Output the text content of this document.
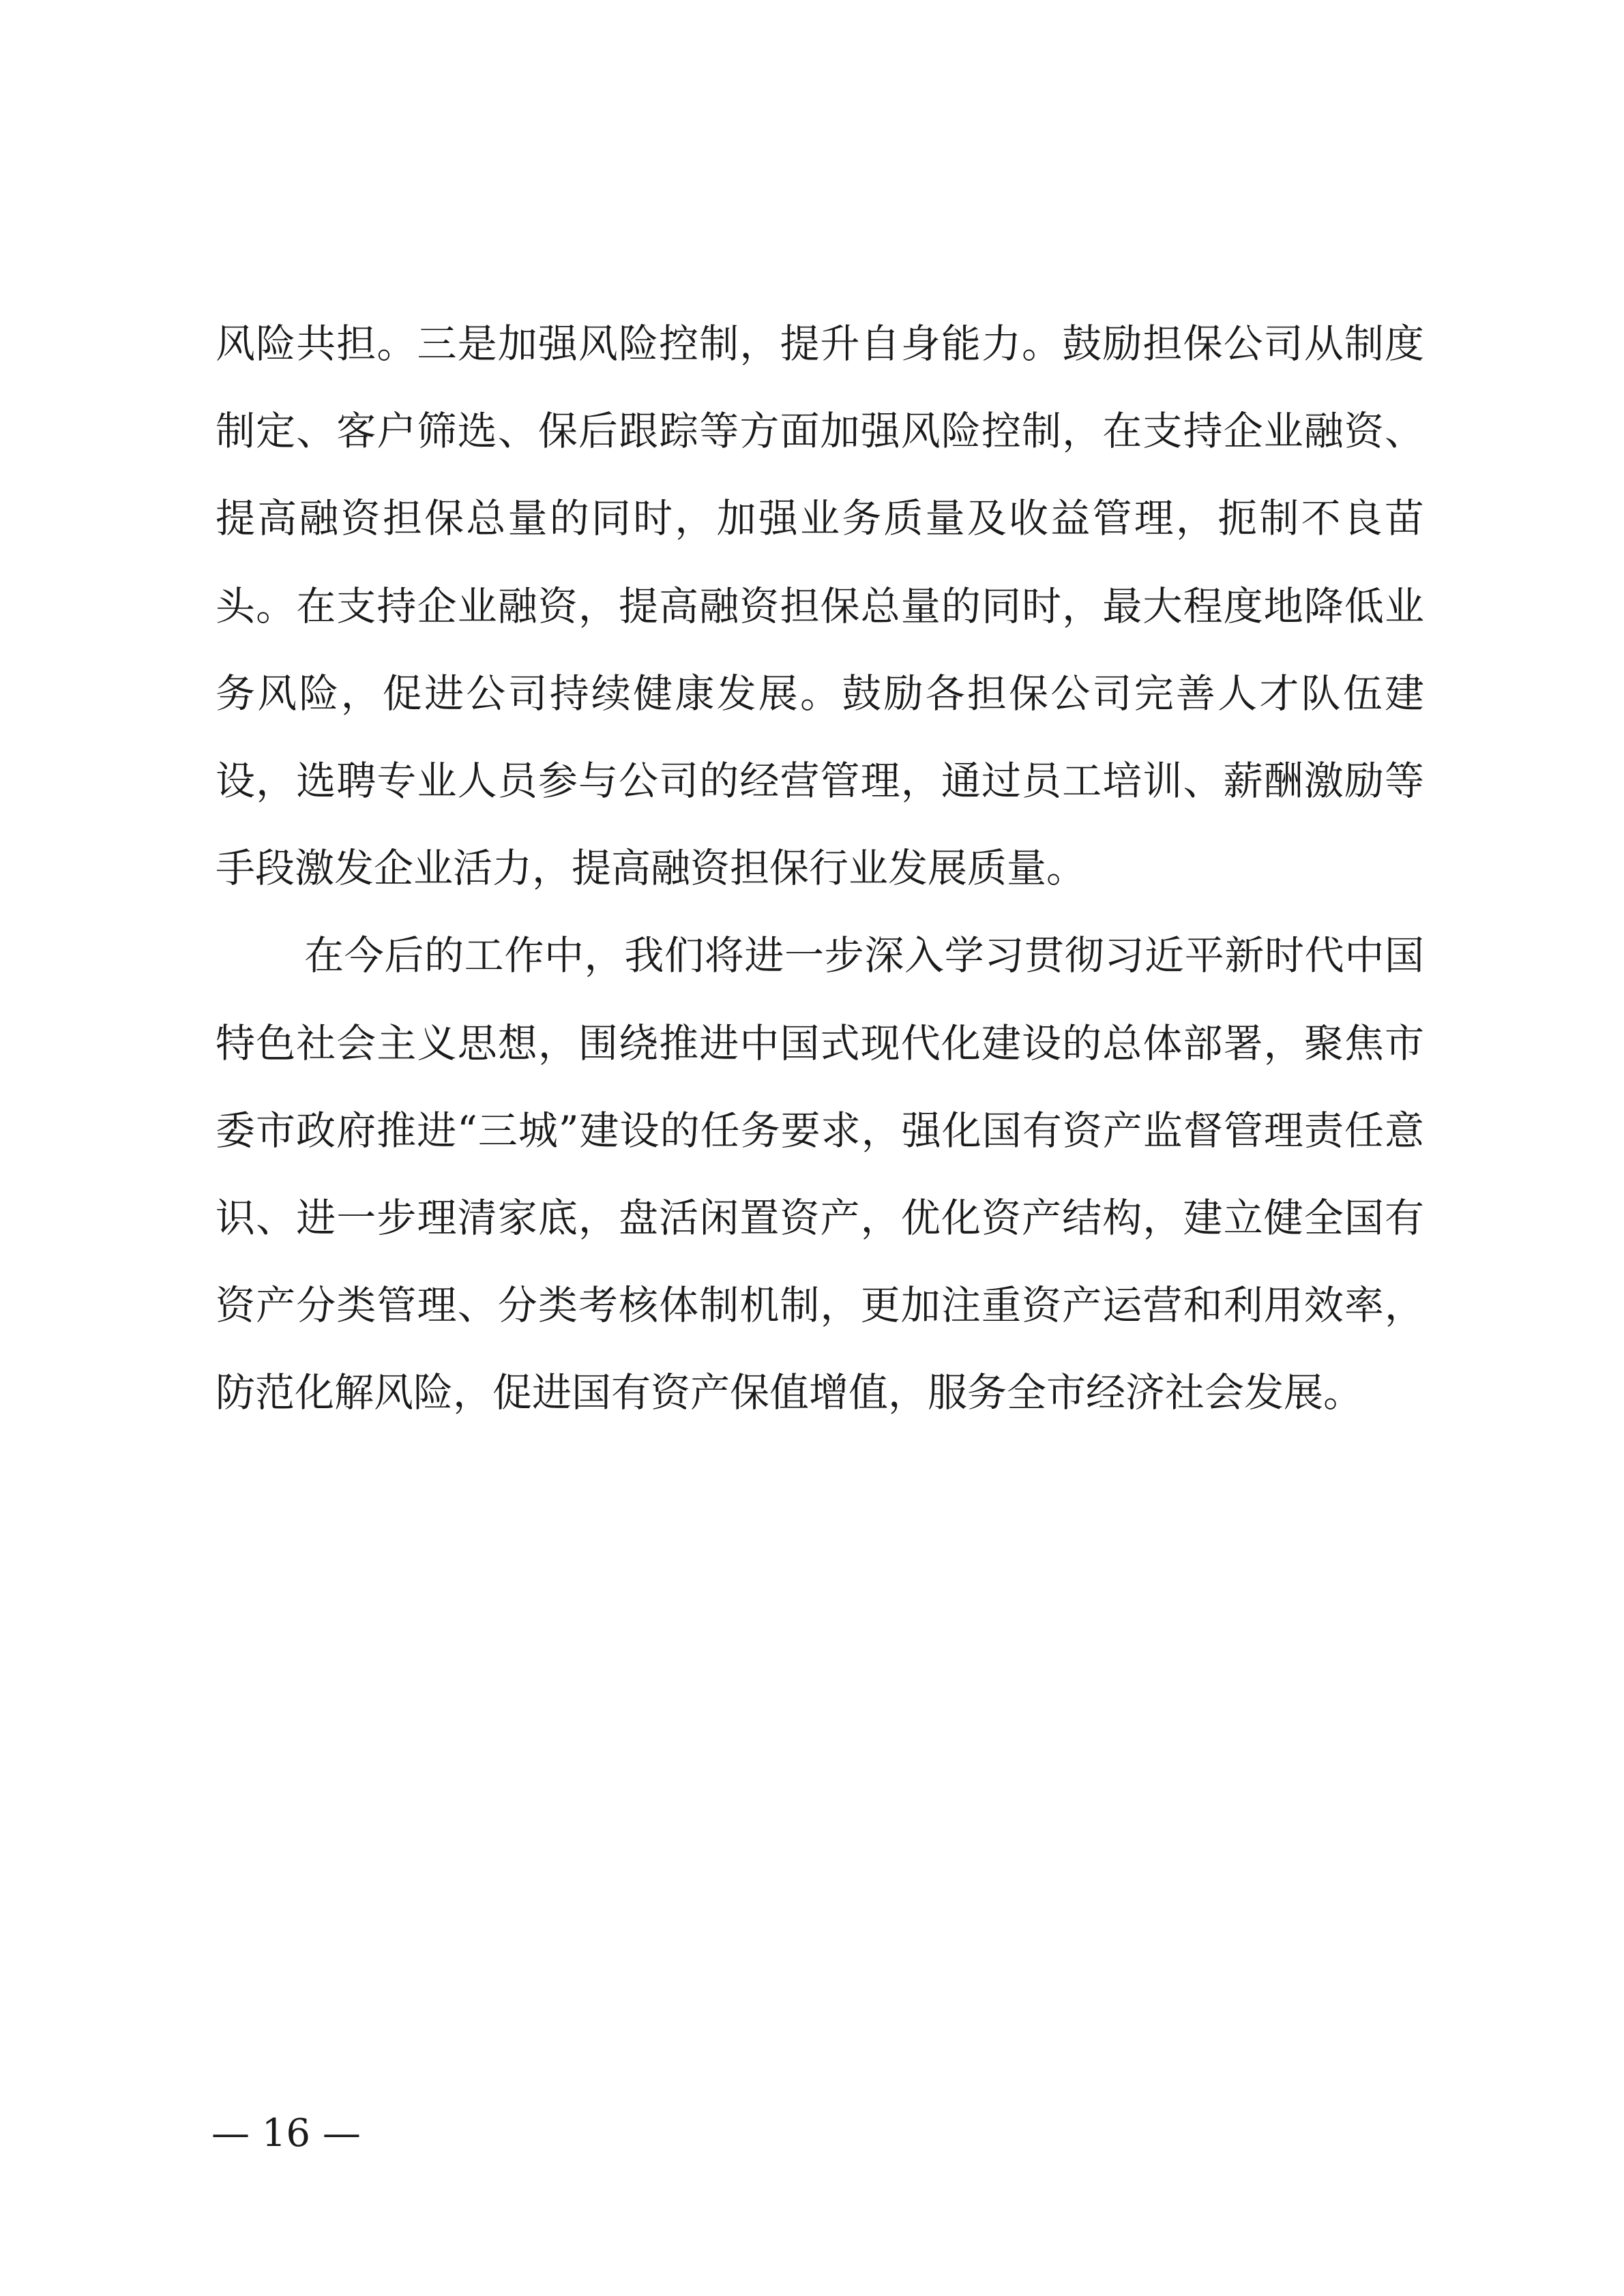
风险共担。三是加强风险控制，提升自身能力。鼓励担保公司从制度制定、客户筛选、保后跟踪等方面加强风险控制，在支持企业融资、提高融资担保总量的同时，加强业务质量及收益管理，扼制不良苗头。在支持企业融资，提高融资担保总量的同时，最大程度地降低业务风险，促进公司持续健康发展。鼓励各担保公司完善人才队伍建设，选聘专业人员参与公司的经营管理，通过员工培训、薪酬激励等手段激发企业活力，提高融资担保行业发展质量。

在今后的工作中，我们将进一步深入学习贯彻习近平新时代中国特色社会主义思想，围绕推进中国式现代化建设的总体部署，聚焦市委市政府推进“三城”建设的任务要求，强化国有资产监督管理责任意识、进一步理清家底，盘活闲置资产，优化资产结构，建立健全国有资产分类管理、分类考核体制机制，更加注重资产运营和利用效率，防范化解风险，促进国有资产保值增值，服务全市经济社会发展。

— 16 —
